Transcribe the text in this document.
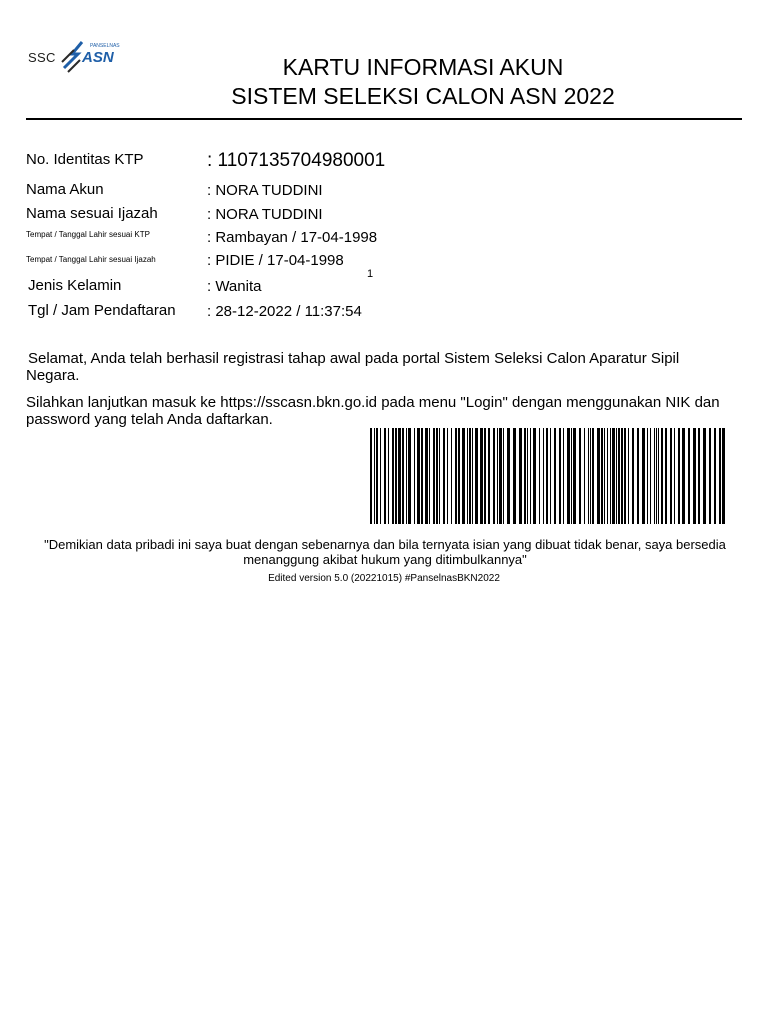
SSC
PANSELNAS
ASN	KARTU INFORMASI AKUN
SISTEM SELEKSI CALON ASN 2022
No. Identitas KTP	: 1107135704980001
Nama Akun	: NORA TUDDINI
Nama sesuai Ijazah	: NORA TUDDINI
Tempat / Tanggal Lahir sesuai KTP	: Rambayan / 17-04-1998
Tempat / Tanggal Lahir sesuai Ijazah	: PIDIE / 17-04-1998
1
Jenis Kelamin	: Wanita
Tgl / Jam Pendaftaran : 28-12-2022 / 11:37:54
Selamat, Anda telah berhasil registrasi tahap awal pada portal Sistem Seleksi Calon Aparatur Sipil Negara.
Silahkan lanjutkan masuk ke https://sscasn.bkn.go.id pada menu "Login" dengan menggunakan NIK dan password yang telah Anda daftarkan.
"Demikian data pribadi ini saya buat dengan sebenarnya dan bila ternyata isian yang dibuat tidak benar, saya bersedia menanggung akibat hukum yang ditimbulkannya"
Edited version 5.0 (20221015) #PanselnasBKN2022
